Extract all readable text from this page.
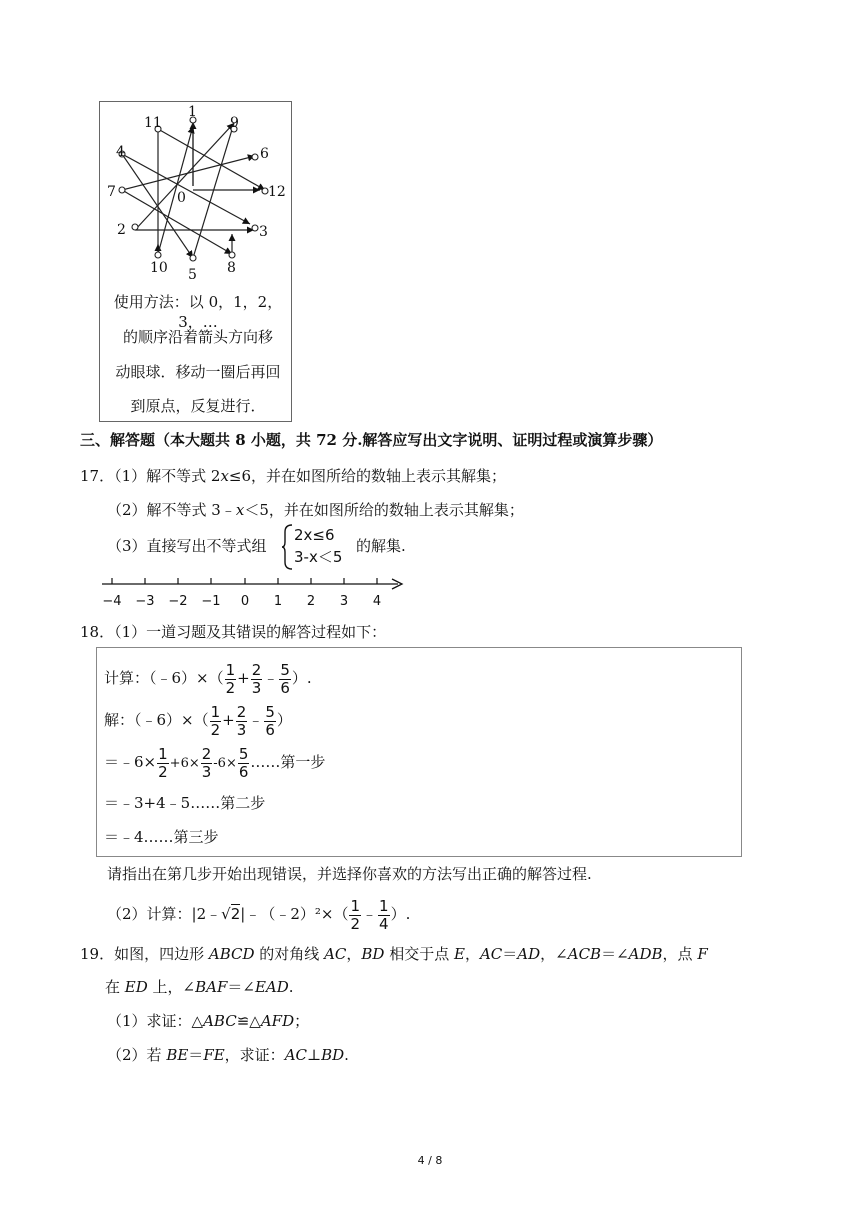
1
9
11
6
4
0	12
7
3
2
10 5 8
使用方法：以 0，1，2，3，…
的顺序沿着箭头方向移
动眼球．移动一圈后再回
到原点，反复进行．
三、解答题（本大题共 8 小题，共 72 分.解答应写出文字说明、证明过程或演算步骤）
17．（1）解不等式 2x≤6，并在如图所给的数轴上表示其解集；
（2）解不等式 3﹣x＜5，并在如图所给的数轴上表示其解集；
（3）直接写出不等式组
2x≤6
3-x＜5
的解集.
−4 −3 −2 −1 0 1 2 3 4
18．（1）一道习题及其错误的解答过程如下：
计算：（﹣6）×（ $\frac{1}{2} + \frac{2}{3}$ ﹣ $\frac{5}{6}$ ）.
解：（﹣6）×（ $\frac{1}{2} + \frac{2}{3}$ ﹣ $\frac{5}{6}$ ）
＝﹣6× $\frac{1}{2} +6\times \frac{2}{3} -6\times \frac{5}{6}$ ……第一步
＝﹣3+4﹣5……第二步
＝﹣4……第三步
请指出在第几步开始出现错误，并选择你喜欢的方法写出正确的解答过程.
（2）计算：|2﹣√2|﹣（﹣2）²×（ $\frac{1}{2}$ ﹣ $\frac{1}{4}$ ）.
19．如图，四边形 ABCD 的对角线 AC，BD 相交于点 E，AC＝AD，∠ACB＝∠ADB，点 F
在 ED 上，∠BAF＝∠EAD.
（1）求证：△ABC≌△AFD；
（2）若 BE＝FE，求证：AC⊥BD.
4 / 8
